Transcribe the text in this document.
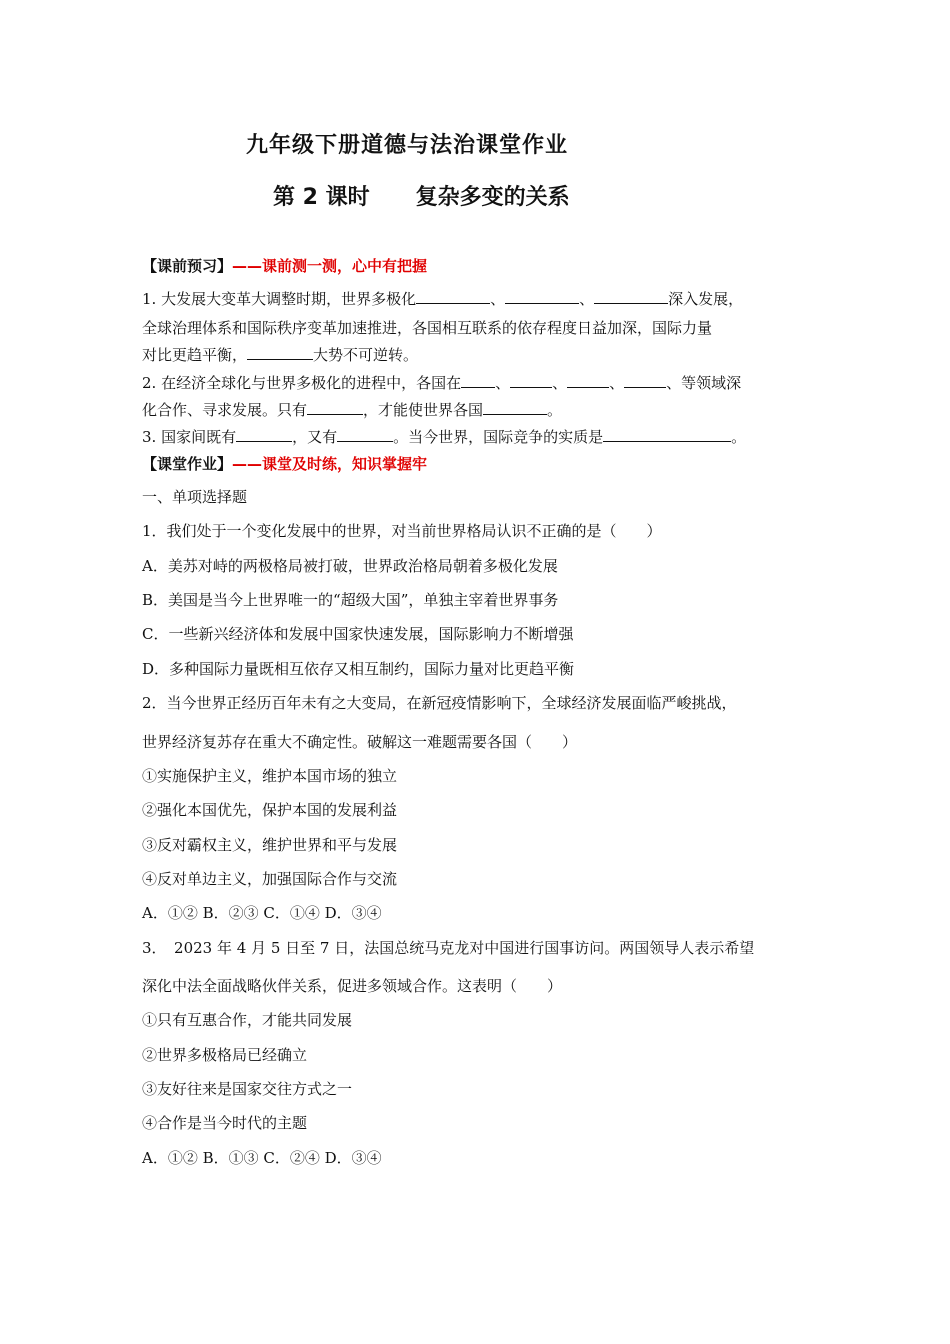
九年级下册道德与法治课堂作业
第 2 课时      复杂多变的关系
【课前预习】——课前测一测，心中有把握
1. 大发展大变革大调整时期，世界多极化	、	、	深入发展，
全球治理体系和国际秩序变革加速推进，各国相互联系的依存程度日益加深，国际力量
对比更趋平衡，	大势不可逆转。
2. 在经济全球化与世界多极化的进程中，各国在 、	、	、	、等领域深
化合作、寻求发展。只有	，才能使世界各国	。
3. 国家间既有	，又有	。当今世界，国际竞争的实质是	。
【课堂作业】——课堂及时练，知识掌握牢
一、单项选择题
1．我们处于一个变化发展中的世界，对当前世界格局认识不正确的是（　　）
A．美苏对峙的两极格局被打破，世界政治格局朝着多极化发展
B．美国是当今上世界唯一的“超级大国”，单独主宰着世界事务
C．一些新兴经济体和发展中国家快速发展，国际影响力不断增强
D．多种国际力量既相互依存又相互制约，国际力量对比更趋平衡
2．当今世界正经历百年未有之大变局，在新冠疫情影响下，全球经济发展面临严峻挑战，
世界经济复苏存在重大不确定性。破解这一难题需要各国（　　）
①实施保护主义，维护本国市场的独立
②强化本国优先，保护本国的发展利益
③反对霸权主义，维护世界和平与发展
④反对单边主义，加强国际合作与交流
A．①② B．②③ C．①④ D．③④
3．　2023 年 4 月 5 日至 7 日，法国总统马克龙对中国进行国事访问。两国领导人表示希望
深化中法全面战略伙伴关系，促进多领域合作。这表明（　　）
①只有互惠合作，才能共同发展
②世界多极格局已经确立
③友好往来是国家交往方式之一
④合作是当今时代的主题
A．①② B．①③ C．②④ D．③④
